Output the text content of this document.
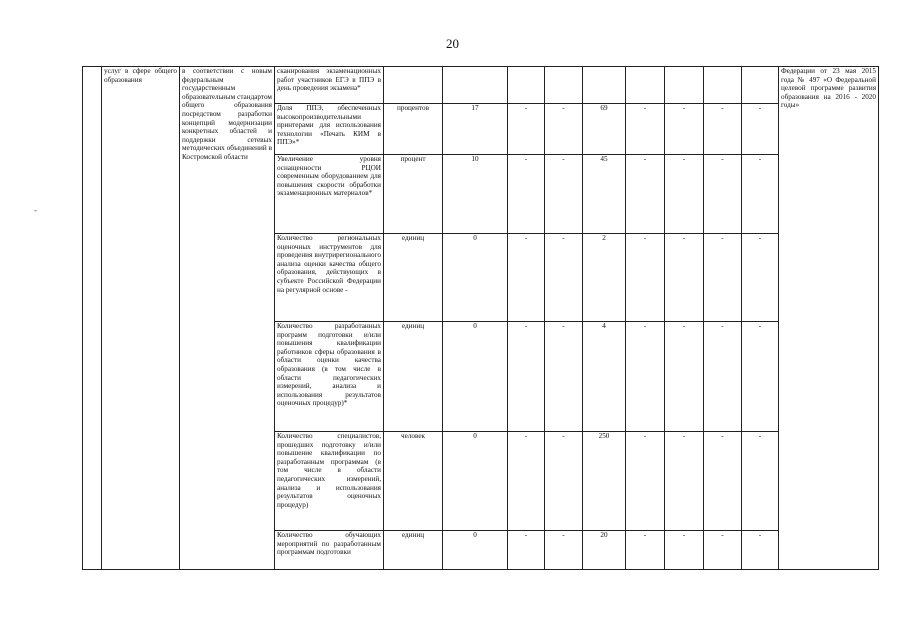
20
-
	услуг в сфере общего образования	в соответствии с новым федеральным государственным образовательным стандартом общего образования посредством разработки концепций модернизации конкретных областей и поддержки сетевых методических объединений в Костромской области	сканирования экзаменационных работ участников ЕГЭ в ППЭ в день проведения экзамена*										Федерации от 23 мая 2015 года № 497 «О Федеральной целевой программе развития образования на 2016 - 2020 годы»
			Доля ППЭ, обеспеченных высокопроизводительными принтерами для использования технологии «Печать КИМ в ППЭ»*	процентов	17	-	-	69	-	-	-	-	
			Увеличение уровня оснащенности РЦОИ современным оборудованием для повышения скорости обработки экзаменационных материалов*	процент	10	-	-	45	-	-	-	-	
			Количество региональных оценочных инструментов для проведения внутрирегионального анализа оценки качества общего образования, действующих в субъекте Российской Федерации на регулярной основе -	единиц	0	-	-	2	-	-	-	-	
			Количество разработанных программ подготовки и/или повышения квалификации работников сферы образования в области оценки качества образования (в том числе в области педагогических измерений, анализа и использования результатов оценочных процедур)*	единиц	0	-	-	4	-	-	-	-	
			Количество специалистов, прошедших подготовку и/или повышение квалификации по разработанным программам (в том числе в области педагогических измерений, анализа и использования результатов оценочных процедур)	человек	0	-	-	250	-	-	-	-	
			Количество обучающих мероприятий по разработанным программам подготовки	единиц	0	-	-	20	-	-	-	-	
